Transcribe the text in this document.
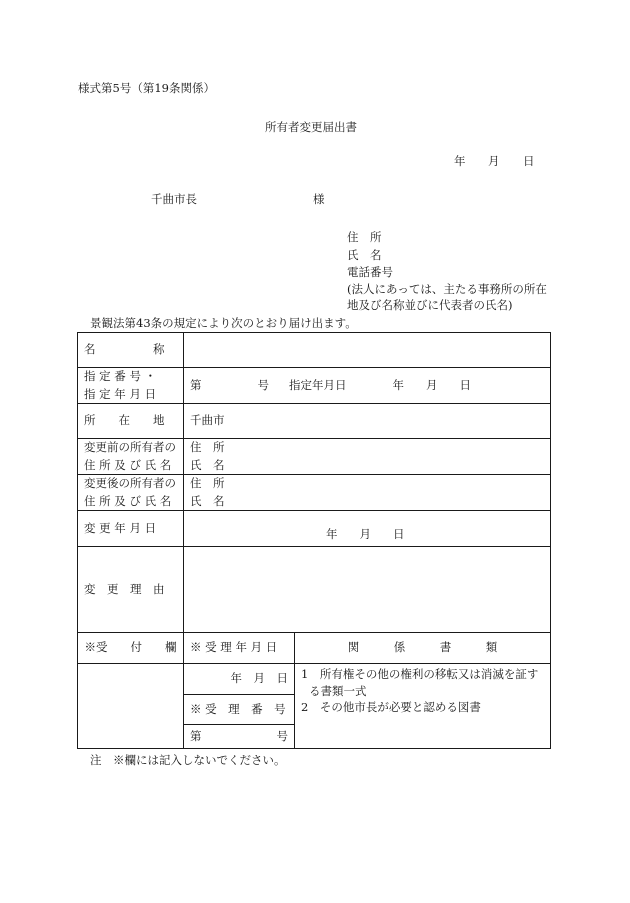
様式第5号（第19条関係）
所有者変更届出書
年 月 日
千曲市長	様
住　所
氏　名
電話番号
(法人にあっては、主たる事務所の所在
地及び名称並びに代表者の氏名)
景観法第43条の規定により次のとおり届け出ます。
名　　　　　称		

指 定 番 号 ・
指 定 年 月 日	第 号 指定年月日 年 月 日	
所　　在　　地	千曲市	

変更前の所有者の
住 所 及 び 氏 名	住　所
氏　名	

変更後の所有者の
住 所 及 び 氏 名	住　所
氏　名	

変 更 年 月 日	年 月 日	
変　更　理　由		
※受　　付　　欄	※ 受 理 年 月 日	関　　　係　　　書　　　類
	年　月　日	1　所有権その他の権利の移転又は消滅を証す
る書類一式
2　その他市長が必要と認める図書

	※ 受　理　番　号	

	第 号	
注　※欄には記入しないでください。
